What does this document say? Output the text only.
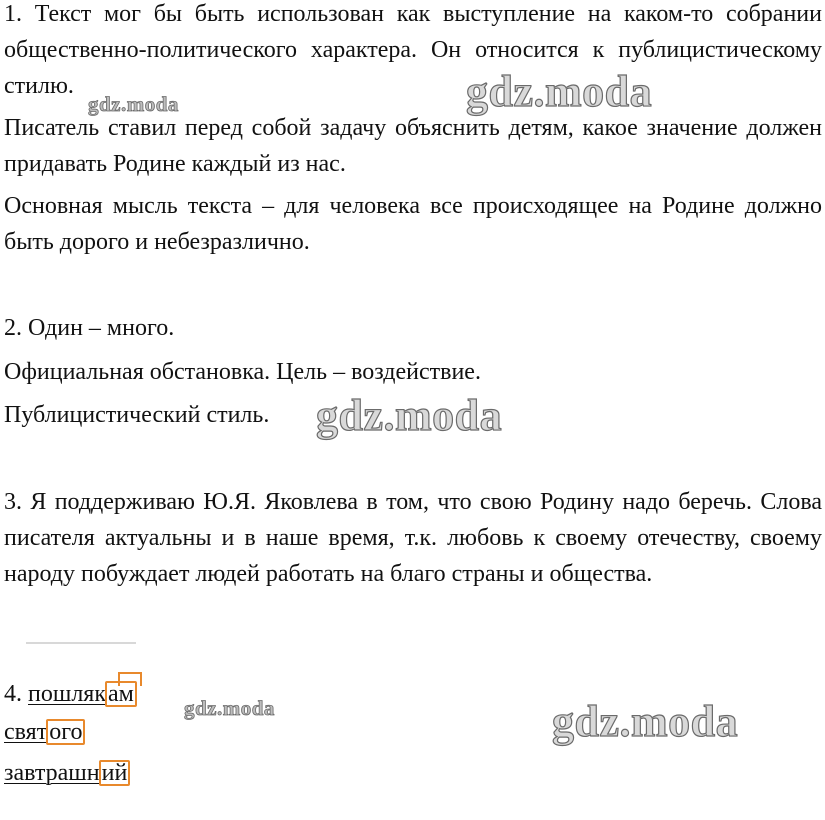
1. Текст мог бы быть использован как выступление на каком-то собрании общественно-политического характера. Он относится к публицистическому стилю.

Писатель ставил перед собой задачу объяснить детям, какое значение должен придавать Родине каждый из нас.

Основная мысль текста – для человека все происходящее на Родине должно быть дорого и небезразлично.

2. Один – много.
Официальная обстановка. Цель – воздействие.
Публицистический стиль.

3. Я поддерживаю Ю.Я. Яковлева в том, что свою Родину надо беречь. Слова писателя актуальны и в наше время, т.к. любовь к своему отечеству, своему народу побуждает людей работать на благо страны и общества.

4. пошлякам
святого
завтрашний
gdz.moda	gdz.moda
gdz.moda
gdz.moda	gdz.moda
